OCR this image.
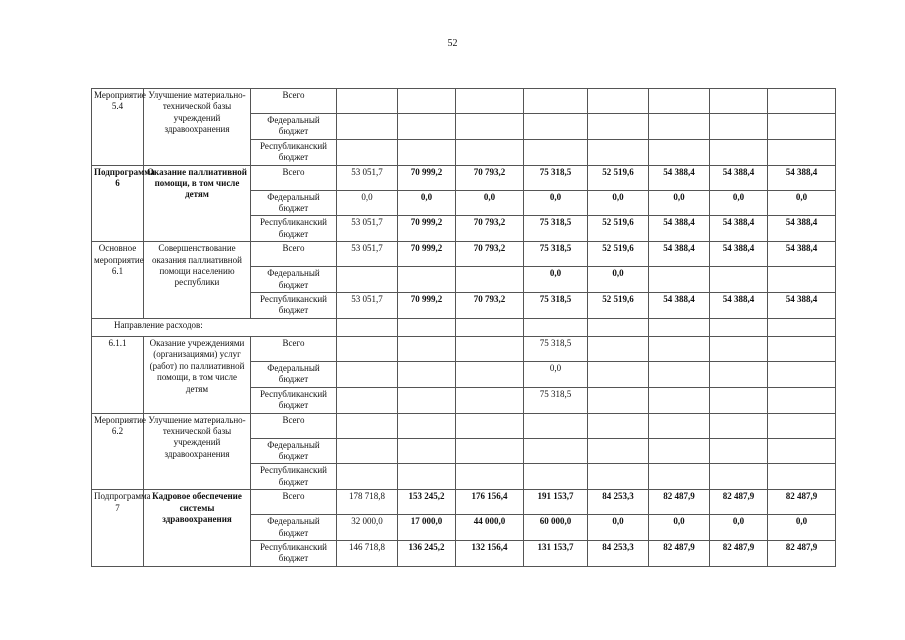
52
Мероприятие 5.4	Улучшение материально-технической базы учреждений здравоохранения	Всего								
		Федеральный бюджет								
		Республиканский бюджет								
Подпрограмма 6	Оказание паллиативной помощи, в том числе детям	Всего	53 051,7	70 999,2	70 793,2	75 318,5	52 519,6	54 388,4	54 388,4	54 388,4
		Федеральный бюджет	0,0	0,0	0,0	0,0	0,0	0,0	0,0	0,0
		Республиканский бюджет	53 051,7	70 999,2	70 793,2	75 318,5	52 519,6	54 388,4	54 388,4	54 388,4
Основное мероприятие 6.1	Совершенствование оказания паллиативной помощи населению республики	Всего	53 051,7	70 999,2	70 793,2	75 318,5	52 519,6	54 388,4	54 388,4	54 388,4
		Федеральный бюджет				0,0	0,0			
		Республиканский бюджет	53 051,7	70 999,2	70 793,2	75 318,5	52 519,6	54 388,4	54 388,4	54 388,4
Направление расходов:										
6.1.1	Оказание учреждениями (организациями) услуг (работ) по паллиативной помощи, в том числе детям	Всего				75 318,5				
		Федеральный бюджет				0,0				
		Республиканский бюджет				75 318,5				
Мероприятие 6.2	Улучшение материально-технической базы учреждений здравоохранения	Всего								
		Федеральный бюджет								
		Республиканский бюджет								
Подпрограмма 7	Кадровое обеспечение системы здравоохранения	Всего	178 718,8	153 245,2	176 156,4	191 153,7	84 253,3	82 487,9	82 487,9	82 487,9
		Федеральный бюджет	32 000,0	17 000,0	44 000,0	60 000,0	0,0	0,0	0,0	0,0
		Республиканский бюджет	146 718,8	136 245,2	132 156,4	131 153,7	84 253,3	82 487,9	82 487,9	82 487,9
